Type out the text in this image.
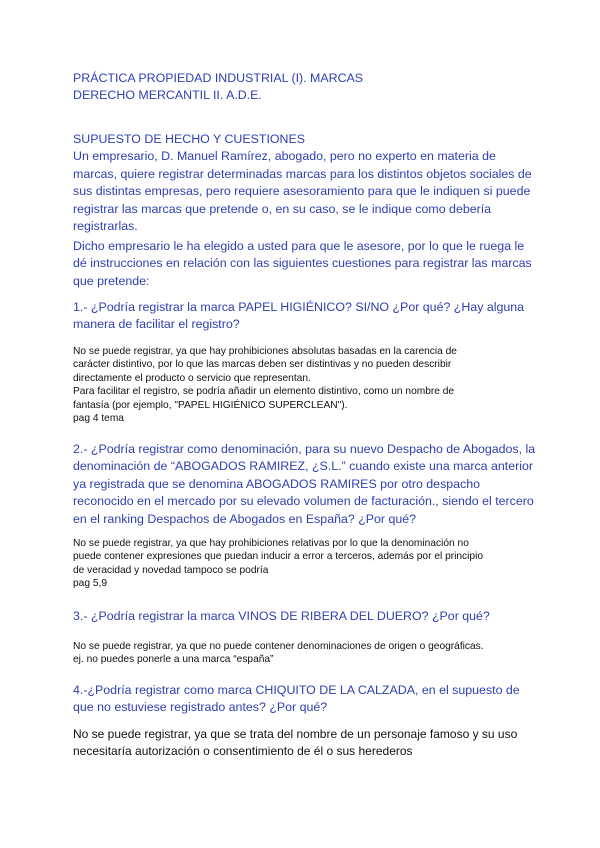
PRÁCTICA PROPIEDAD INDUSTRIAL (I). MARCAS
DERECHO MERCANTIL II. A.D.E.
SUPUESTO DE HECHO Y CUESTIONES
Un empresario, D. Manuel Ramírez, abogado, pero no experto en materia de
marcas, quiere registrar determinadas marcas para los distintos objetos sociales de
sus distintas empresas, pero requiere asesoramiento para que le indiquen si puede
registrar las marcas que pretende o, en su caso, se le indique como debería
registrarlas.
Dicho empresario le ha elegido a usted para que le asesore, por lo que le ruega le
dé instrucciones en relación con las siguientes cuestiones para registrar las marcas
que pretende:
1.- ¿Podría registrar la marca PAPEL HIGIÉNICO? SI/NO ¿Por qué? ¿Hay alguna
manera de facilitar el registro?
No se puede registrar, ya que hay prohibiciones absolutas basadas en la carencia de
carácter distintivo, por lo que las marcas deben ser distintivas y no pueden describir
directamente el producto o servicio que representan.
Para facilitar el registro, se podría añadir un elemento distintivo, como un nombre de
fantasía (por ejemplo, "PAPEL HIGIÉNICO SUPERCLEAN").
pag 4 tema
2.- ¿Podría registrar como denominación, para su nuevo Despacho de Abogados, la
denominación de “ABOGADOS RAMIREZ, ¿S.L.” cuando existe una marca anterior
ya registrada que se denomina ABOGADOS RAMIRES por otro despacho
reconocido en el mercado por su elevado volumen de facturación., siendo el tercero
en el ranking Despachos de Abogados en España? ¿Por qué?
No se puede registrar, ya que hay prohibiciones relativas por lo que la denominación no
puede contener expresiones que puedan inducir a error a terceros, además por el principio
de veracidad y novedad tampoco se podría
pag 5,9
3.- ¿Podría registrar la marca VINOS DE RIBERA DEL DUERO? ¿Por qué?
No se puede registrar, ya que no puede contener denominaciones de origen o geográficas.
ej. no puedes ponerle a una marca “españa”
4.-¿Podría registrar como marca CHIQUITO DE LA CALZADA, en el supuesto de
que no estuviese registrado antes? ¿Por qué?
No se puede registrar, ya que se trata del nombre de un personaje famoso y su uso
necesitaría autorización o consentimiento de él o sus herederos
